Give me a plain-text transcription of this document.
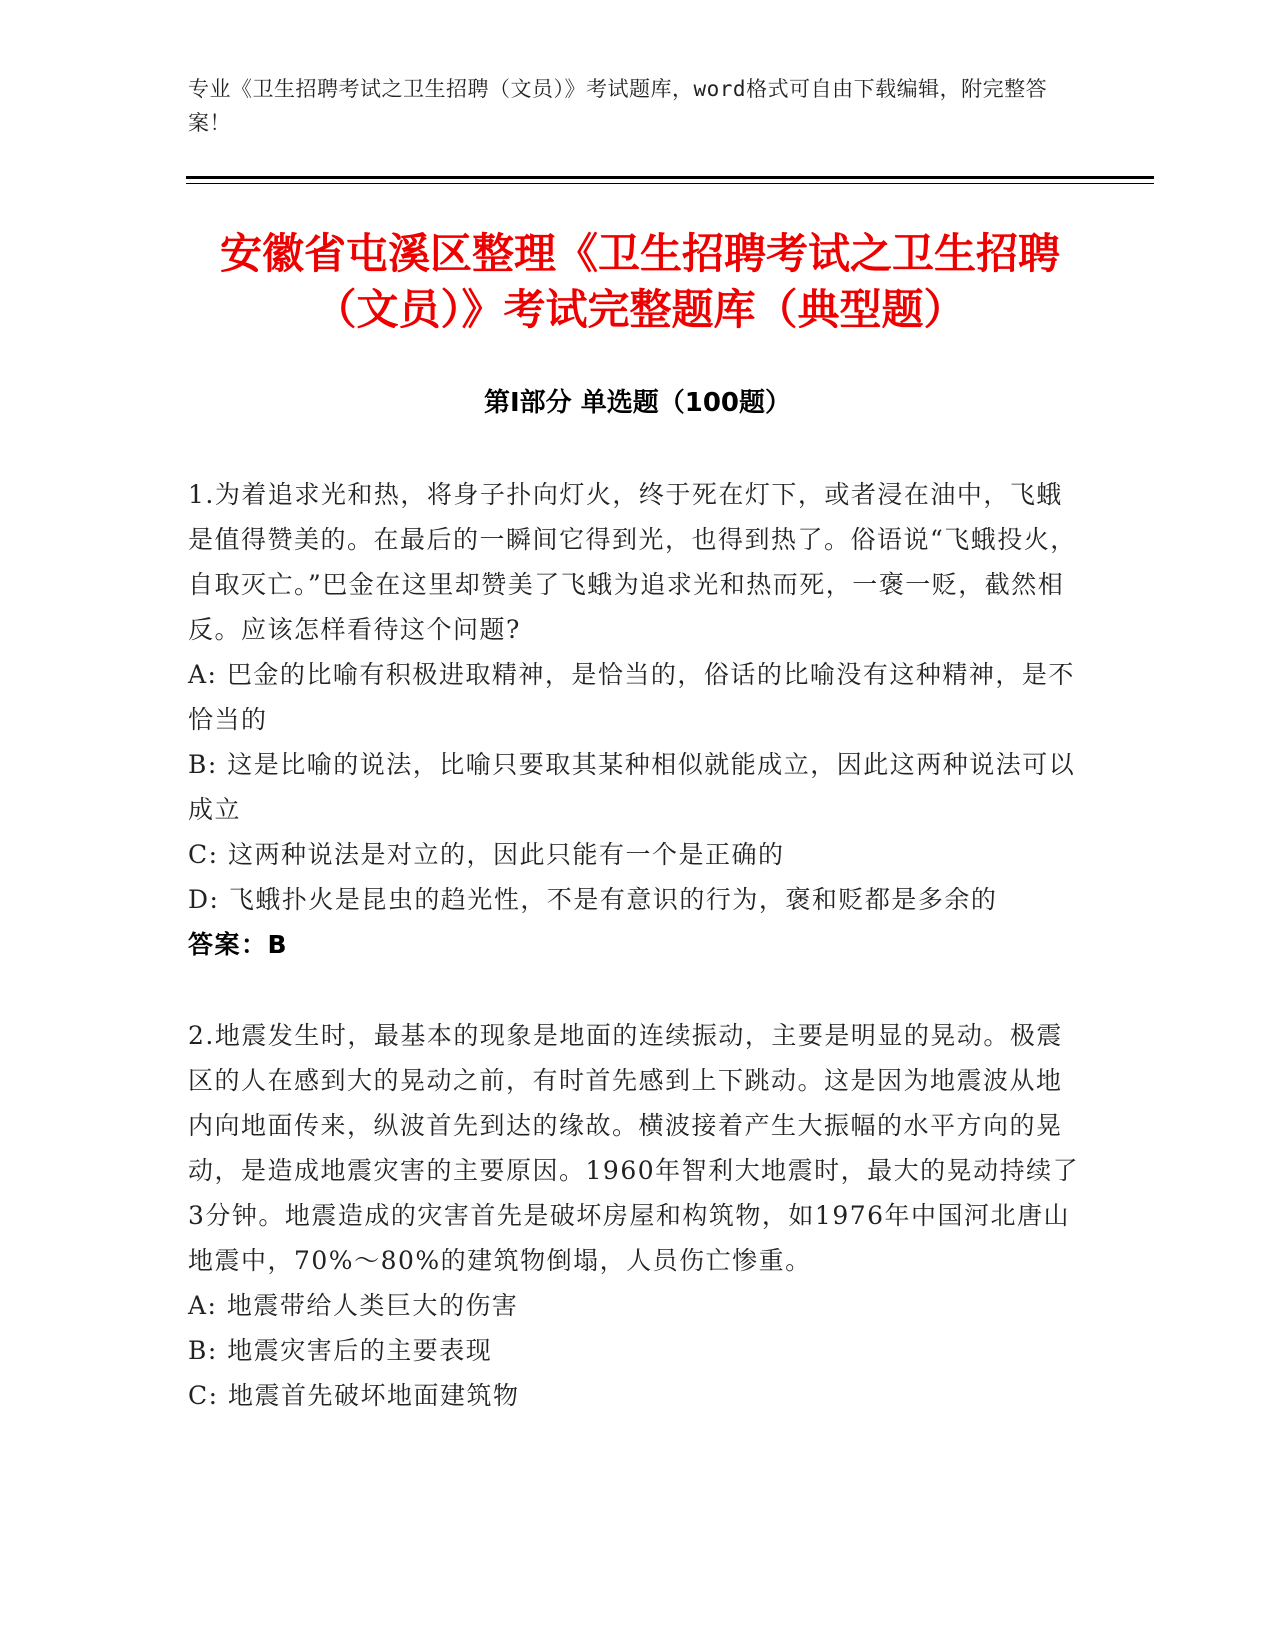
专业《卫生招聘考试之卫生招聘（文员）》考试题库，word格式可自由下载编辑，附完整答案！
安徽省屯溪区整理《卫生招聘考试之卫生招聘（文员）》考试完整题库（典型题）
第Ⅰ部分 单选题（100题）

1.为着追求光和热，将身子扑向灯火，终于死在灯下，或者浸在油中，飞蛾是值得赞美的。在最后的一瞬间它得到光，也得到热了。俗语说“飞蛾投火，自取灭亡。”巴金在这里却赞美了飞蛾为追求光和热而死，一褒一贬，截然相反。应该怎样看待这个问题?

A: 巴金的比喻有积极进取精神，是恰当的，俗话的比喻没有这种精神，是不恰当的

B: 这是比喻的说法，比喻只要取其某种相似就能成立，因此这两种说法可以成立

C: 这两种说法是对立的，因此只能有一个是正确的

D: 飞蛾扑火是昆虫的趋光性，不是有意识的行为，褒和贬都是多余的

答案：B

2.地震发生时，最基本的现象是地面的连续振动，主要是明显的晃动。极震区的人在感到大的晃动之前，有时首先感到上下跳动。这是因为地震波从地内向地面传来，纵波首先到达的缘故。横波接着产生大振幅的水平方向的晃动，是造成地震灾害的主要原因。1960年智利大地震时，最大的晃动持续了3分钟。地震造成的灾害首先是破坏房屋和构筑物，如1976年中国河北唐山地震中，70%～80%的建筑物倒塌，人员伤亡惨重。

A: 地震带给人类巨大的伤害

B: 地震灾害后的主要表现

C: 地震首先破坏地面建筑物
